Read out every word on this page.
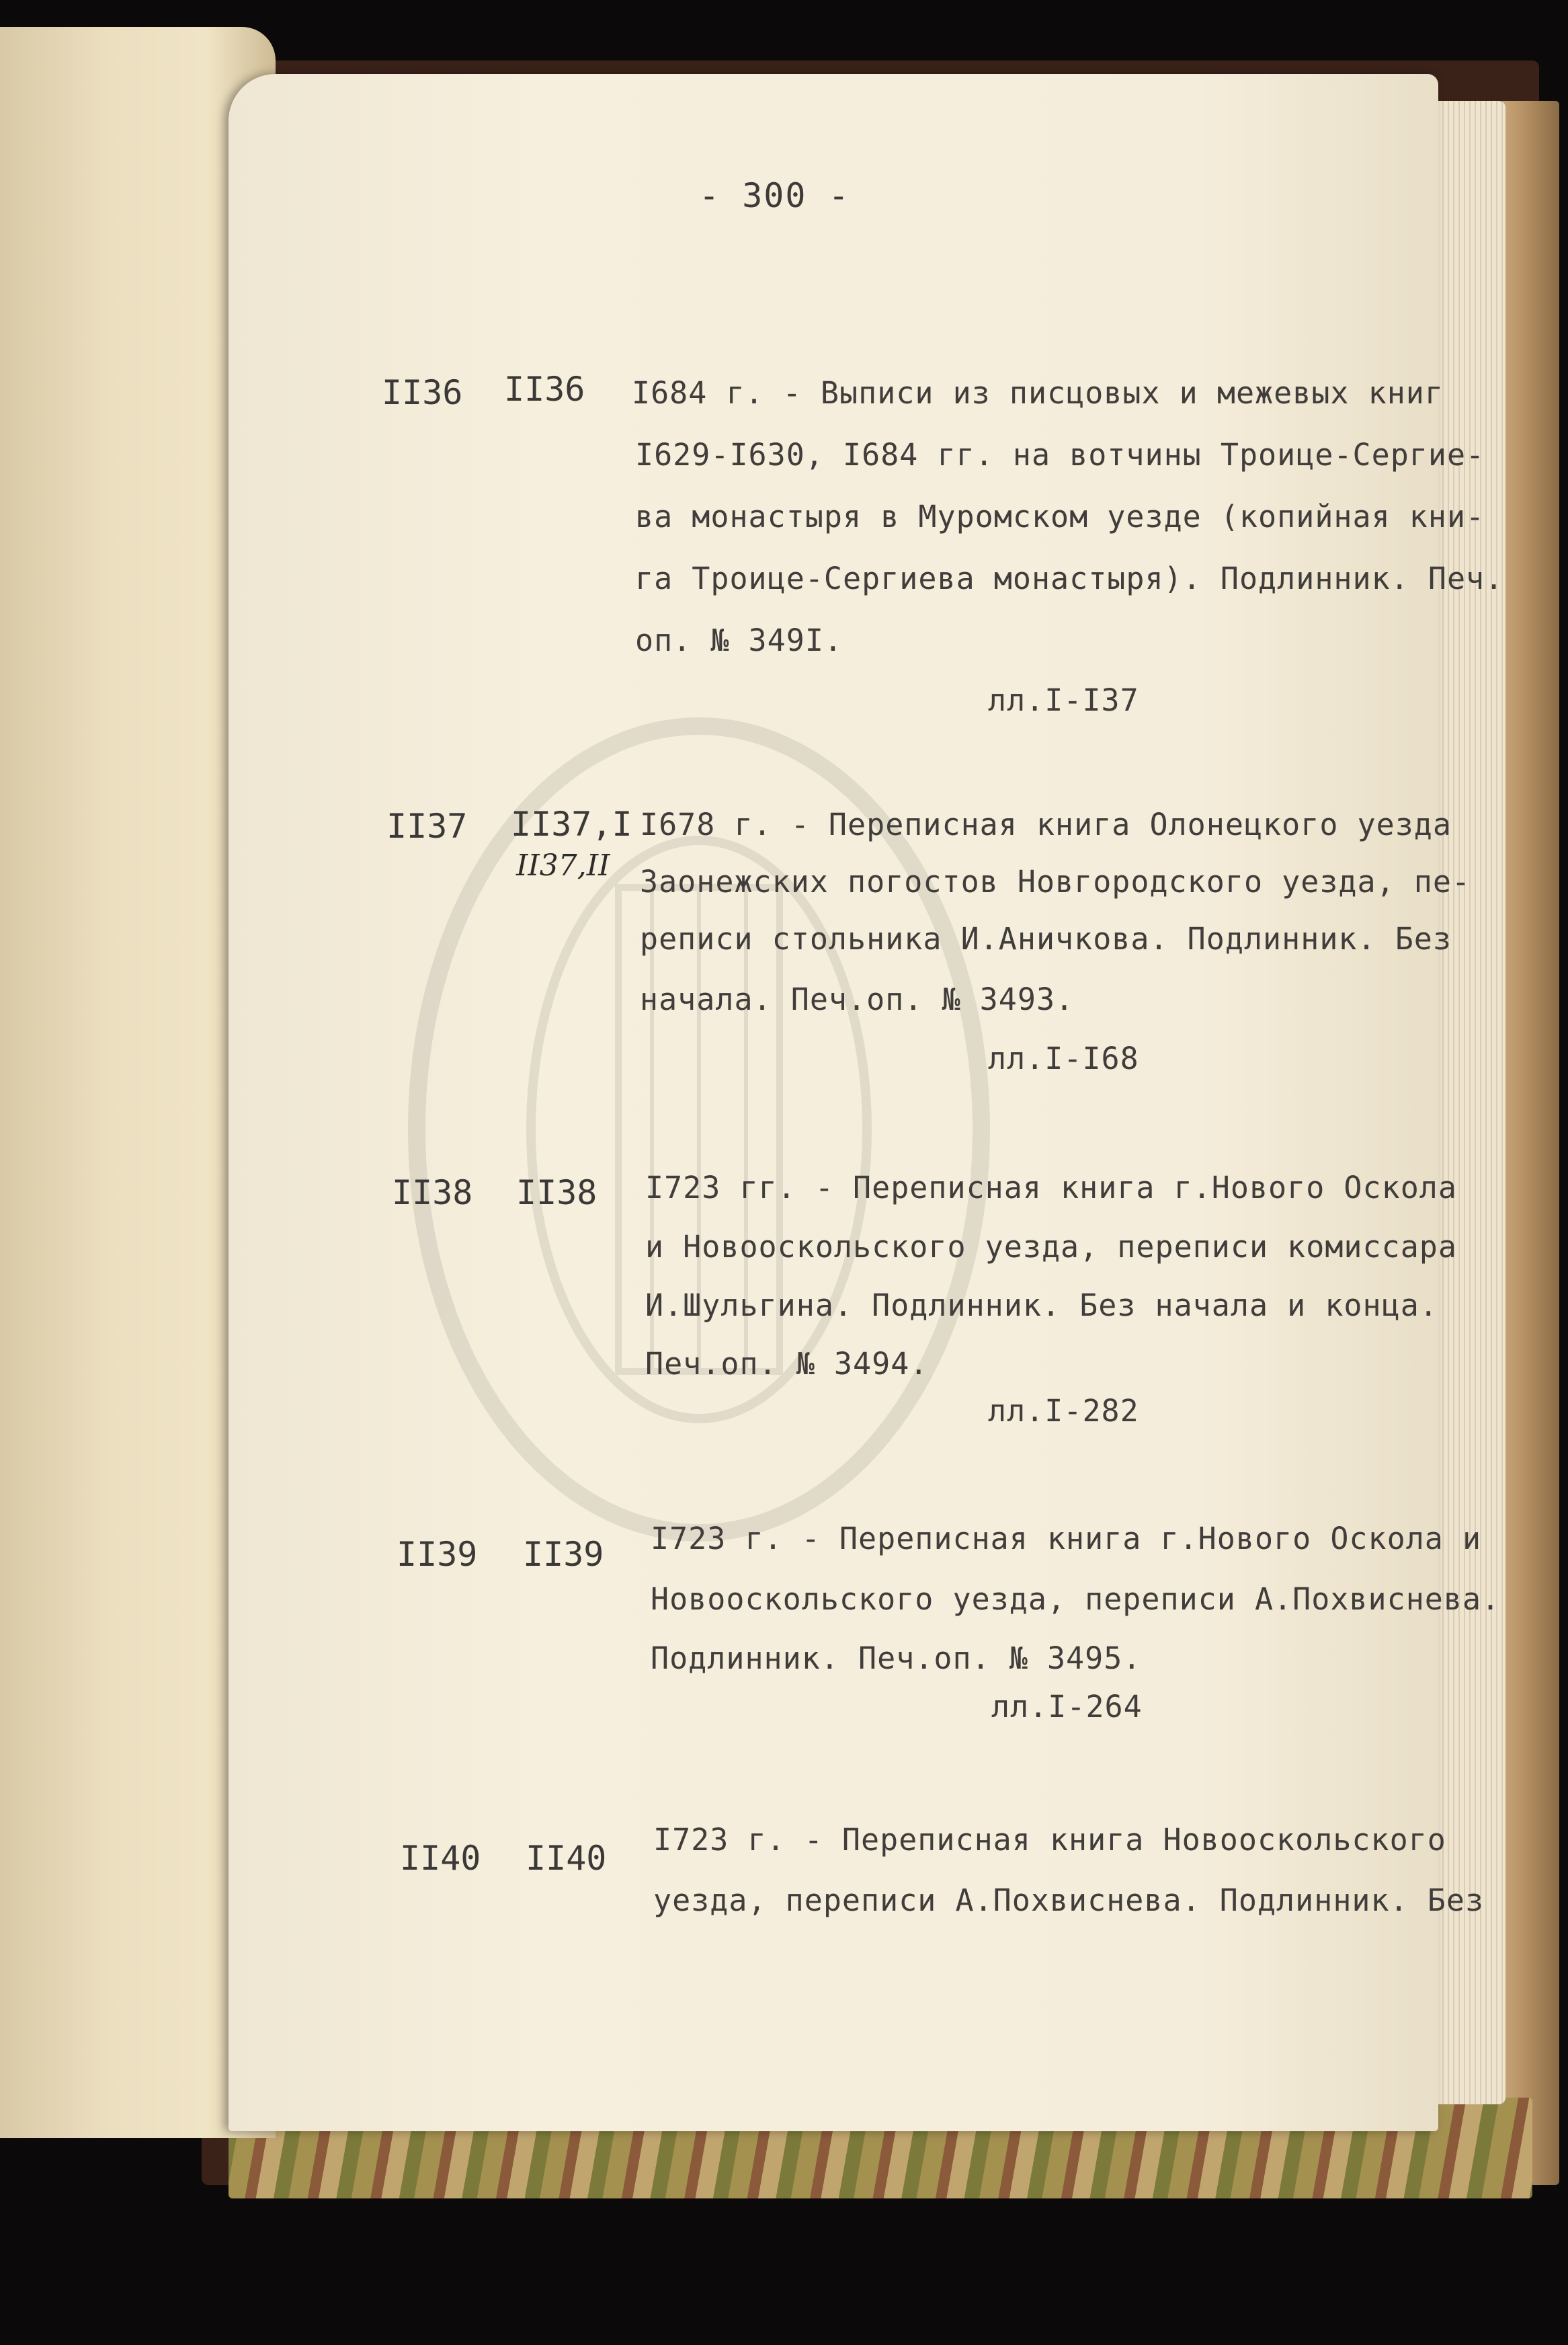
- 300 -
II36 II36 I684 г. - Выписи из писцовых и межевых книг
I629-I630, I684 гг. на вотчины Троице-Сергие-
ва монастыря в Муромском уезде (копийная кни-
га Троице-Сергиева монастыря). Подлинник. Печ.
оп. № 349I.
лл.I-I37
II37 II37,I
II37,II
I678 г. - Переписная книга Олонецкого уезда
Заонежских погостов Новгородского уезда, пе-
реписи стольника И.Аничкова. Подлинник. Без
начала. Печ.оп. № 3493.
лл.I-I68
II38 II38 I723 гг. - Переписная книга г.Нового Оскола
и Новооскольского уезда, переписи комиссара
И.Шульгина. Подлинник. Без начала и конца.
Печ.оп. № 3494.
лл.I-282
II39 II39 I723 г. - Переписная книга г.Нового Оскола и
Новооскольского уезда, переписи А.Похвиснева.
Подлинник. Печ.оп. № 3495.
лл.I-264
II40 II40 I723 г. - Переписная книга Новооскольского
уезда, переписи А.Похвиснева. Подлинник. Без
